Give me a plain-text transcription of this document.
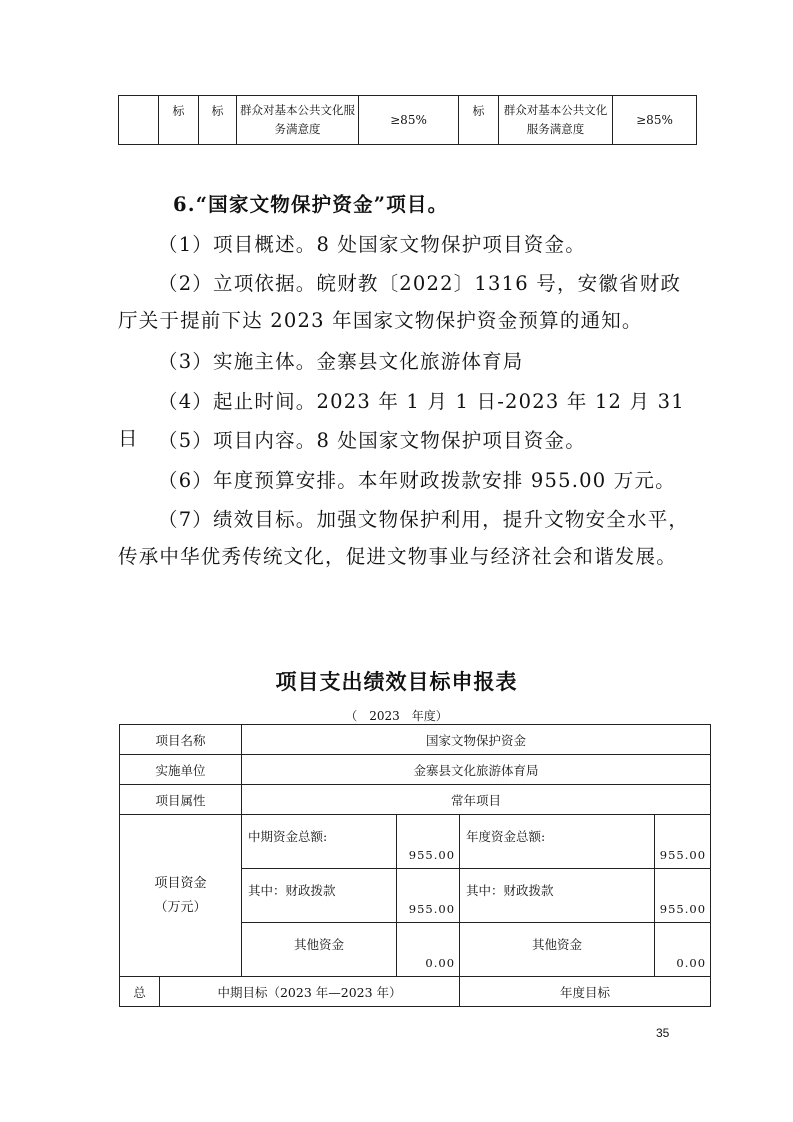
	标	标	群众对基本公共文化服务满意度	≥85%	标	群众对基本公共文化服务满意度	≥85%

6.“国家文物保护资金”项目。

（1）项目概述。8 处国家文物保护项目资金。

（2）立项依据。皖财教〔2022〕1316 号，安徽省财政厅关于提前下达 2023 年国家文物保护资金预算的通知。

（3）实施主体。金寨县文化旅游体育局

（4）起止时间。2023 年 1 月 1 日-2023 年 12 月 31 日 （5）项目内容。8 处国家文物保护项目资金。

（6）年度预算安排。本年财政拨款安排 955.00 万元。

（7）绩效目标。加强文物保护利用，提升文物安全水平，传承中华优秀传统文化，促进文物事业与经济社会和谐发展。

项目支出绩效目标申报表

（　2023　年度）

项目名称		国家文物保护资金			
实施单位		金寨县文化旅游体育局			
项目属性		常年项目			

项目资金
（万元）		中期资金总额:	955.00	年度资金总额:	955.00
		其中：财政拨款	955.00	其中：财政拨款	955.00
		其他资金	0.00	其他资金	0.00
总	中期目标（2023 年—2023 年）			年度目标	
35
